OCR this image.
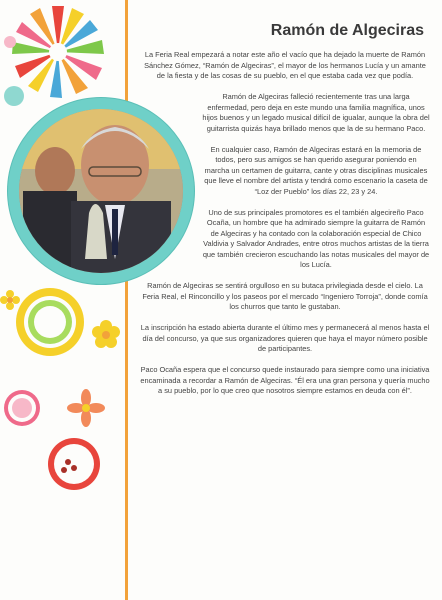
Ramón de Algeciras

La Feria Real empezará a notar este año el vacío que ha dejado la muerte de Ramón Sánchez Gómez, “Ramón de Algeciras”, el mayor de los hermanos Lucía y un amante de la fiesta y de las cosas de su pueblo, en el que estaba cada vez que podía.

Ramón de Algeciras falleció recientemente tras una larga enfermedad, pero deja en este mundo una familia magnífica, unos hijos buenos y un legado musical difícil de igualar, aunque la obra del guitarrista quizás haya brillado menos que la de su hermano Paco.

En cualquier caso, Ramón de Algeciras estará en la memoria de todos, pero sus amigos se han querido asegurar poniendo en marcha un certamen de guitarra, cante y otras disciplinas musicales que lleve el nombre del artista y tendrá como escenario la caseta de “Loz der Pueblo” los días 22, 23 y 24.

Uno de sus principales promotores es el también algecireño Paco Ocaña, un hombre que ha admirado siempre la guitarra de Ramón de Algeciras y ha contado con la colaboración especial de Chico Valdivia y Salvador Andrades, entre otros muchos artistas de la tierra que también crecieron escuchando las notas musicales del mayor de los Lucía.

Ramón de Algeciras se sentirá orgulloso en su butaca privilegiada desde el cielo. La Feria Real, el Rinconcillo y los paseos por el mercado “Ingeniero Torroja”, donde comía los churros que tanto le gustaban.

La inscripción ha estado abierta durante el último mes y permanecerá al menos hasta el día del concurso, ya que sus organizadores quieren que haya el mayor número posible de participantes.

Paco Ocaña espera que el concurso quede instaurado para siempre como una iniciativa encaminada a recordar a Ramón de Algeciras. “Él era una gran persona y quería mucho a su pueblo, por lo que creo que nosotros siempre estamos en deuda con él”.
